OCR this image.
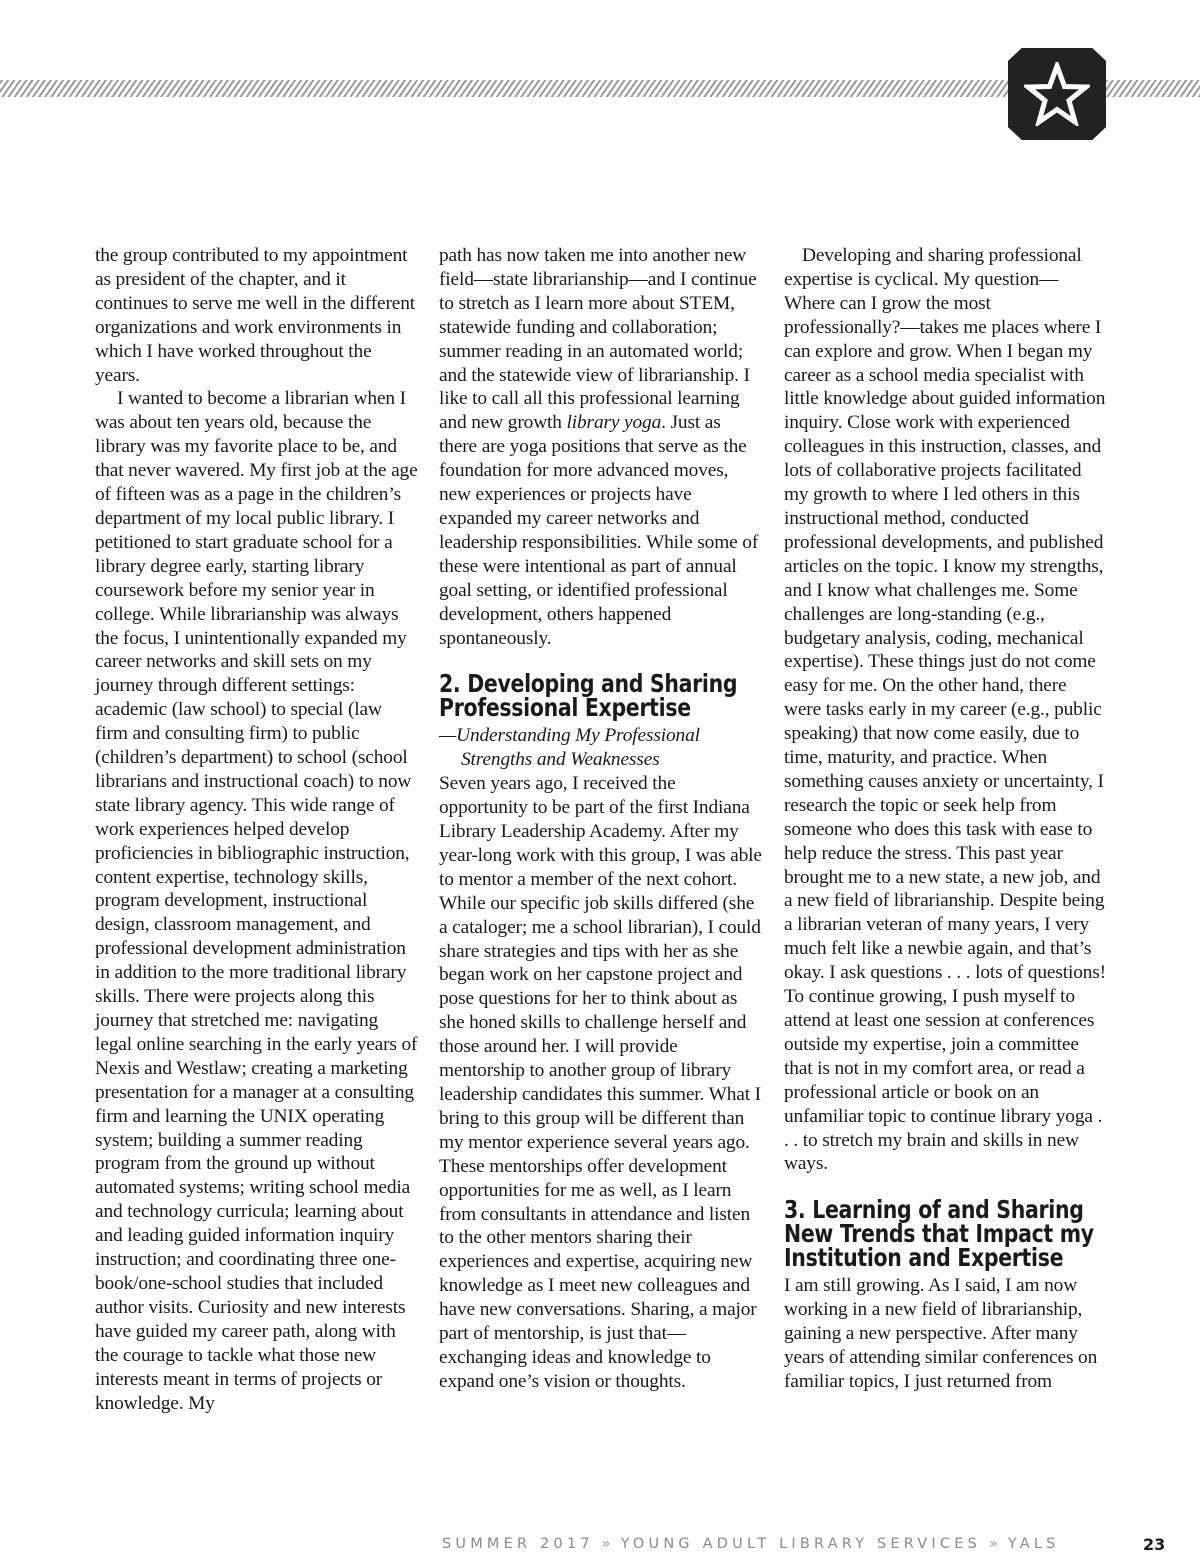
the group contributed to my appointment as president of the chapter, and it continues to serve me well in the different organizations and work environments in which I have worked throughout the years.

I wanted to become a librarian when I was about ten years old, because the library was my favorite place to be, and that never wavered. My first job at the age of fifteen was as a page in the children’s department of my local public library. I petitioned to start graduate school for a library degree early, starting library coursework before my senior year in college. While librarianship was always the focus, I unintentionally expanded my career networks and skill sets on my journey through different settings: academic (law school) to special (law firm and consulting firm) to public (children’s department) to school (school librarians and instructional coach) to now state library agency. This wide range of work experiences helped develop proficiencies in bibliographic instruction, content expertise, technology skills, program development, instructional design, classroom management, and professional development administration in addition to the more traditional library skills. There were projects along this journey that stretched me: navigating legal online searching in the early years of Nexis and Westlaw; creating a marketing presentation for a manager at a consulting firm and learning the UNIX operating system; building a summer reading program from the ground up without automated systems; writing school media and technology curricula; learning about and leading guided information inquiry instruction; and coordinating three one-book/one-school studies that included author visits. Curiosity and new interests have guided my career path, along with the courage to tackle what those new interests meant in terms of projects or knowledge. My

path has now taken me into another new field—state librarianship—and I continue to stretch as I learn more about STEM, statewide funding and collaboration; summer reading in an automated world; and the statewide view of librarianship. I like to call all this professional learning and new growth library yoga. Just as there are yoga positions that serve as the foundation for more advanced moves, new experiences or projects have expanded my career networks and leadership responsibilities. While some of these were intentional as part of annual goal setting, or identified professional development, others happened spontaneously.

2. Developing and Sharing Professional Expertise
—Understanding My Professional
Strengths and Weaknesses

Seven years ago, I received the opportunity to be part of the first Indiana Library Leadership Academy. After my year-long work with this group, I was able to mentor a member of the next cohort. While our specific job skills differed (she a cataloger; me a school librarian), I could share strategies and tips with her as she began work on her capstone project and pose questions for her to think about as she honed skills to challenge herself and those around her. I will provide mentorship to another group of library leadership candidates this summer. What I bring to this group will be different than my mentor experience several years ago. These mentorships offer development opportunities for me as well, as I learn from consultants in attendance and listen to the other mentors sharing their experiences and expertise, acquiring new knowledge as I meet new colleagues and have new conversations. Sharing, a major part of mentorship, is just that—exchanging ideas and knowledge to expand one’s vision or thoughts.

Developing and sharing professional expertise is cyclical. My question—Where can I grow the most professionally?—takes me places where I can explore and grow. When I began my career as a school media specialist with little knowledge about guided information inquiry. Close work with experienced colleagues in this instruction, classes, and lots of collaborative projects facilitated my growth to where I led others in this instructional method, conducted professional developments, and published articles on the topic. I know my strengths, and I know what challenges me. Some challenges are long-standing (e.g., budgetary analysis, coding, mechanical expertise). These things just do not come easy for me. On the other hand, there were tasks early in my career (e.g., public speaking) that now come easily, due to time, maturity, and practice. When something causes anxiety or uncertainty, I research the topic or seek help from someone who does this task with ease to help reduce the stress. This past year brought me to a new state, a new job, and a new field of librarianship. Despite being a librarian veteran of many years, I very much felt like a newbie again, and that’s okay. I ask questions . . . lots of questions! To continue growing, I push myself to attend at least one session at conferences outside my expertise, join a committee that is not in my comfort area, or read a professional article or book on an unfamiliar topic to continue library yoga . . . to stretch my brain and skills in new ways.

3. Learning of and Sharing New Trends that Impact my Institution and Expertise

I am still growing. As I said, I am now working in a new field of librarianship, gaining a new perspective. After many years of attending similar conferences on familiar topics, I just returned from

SUMMER 2017 » YOUNG ADULT LIBRARY SERVICES » YALS	23
